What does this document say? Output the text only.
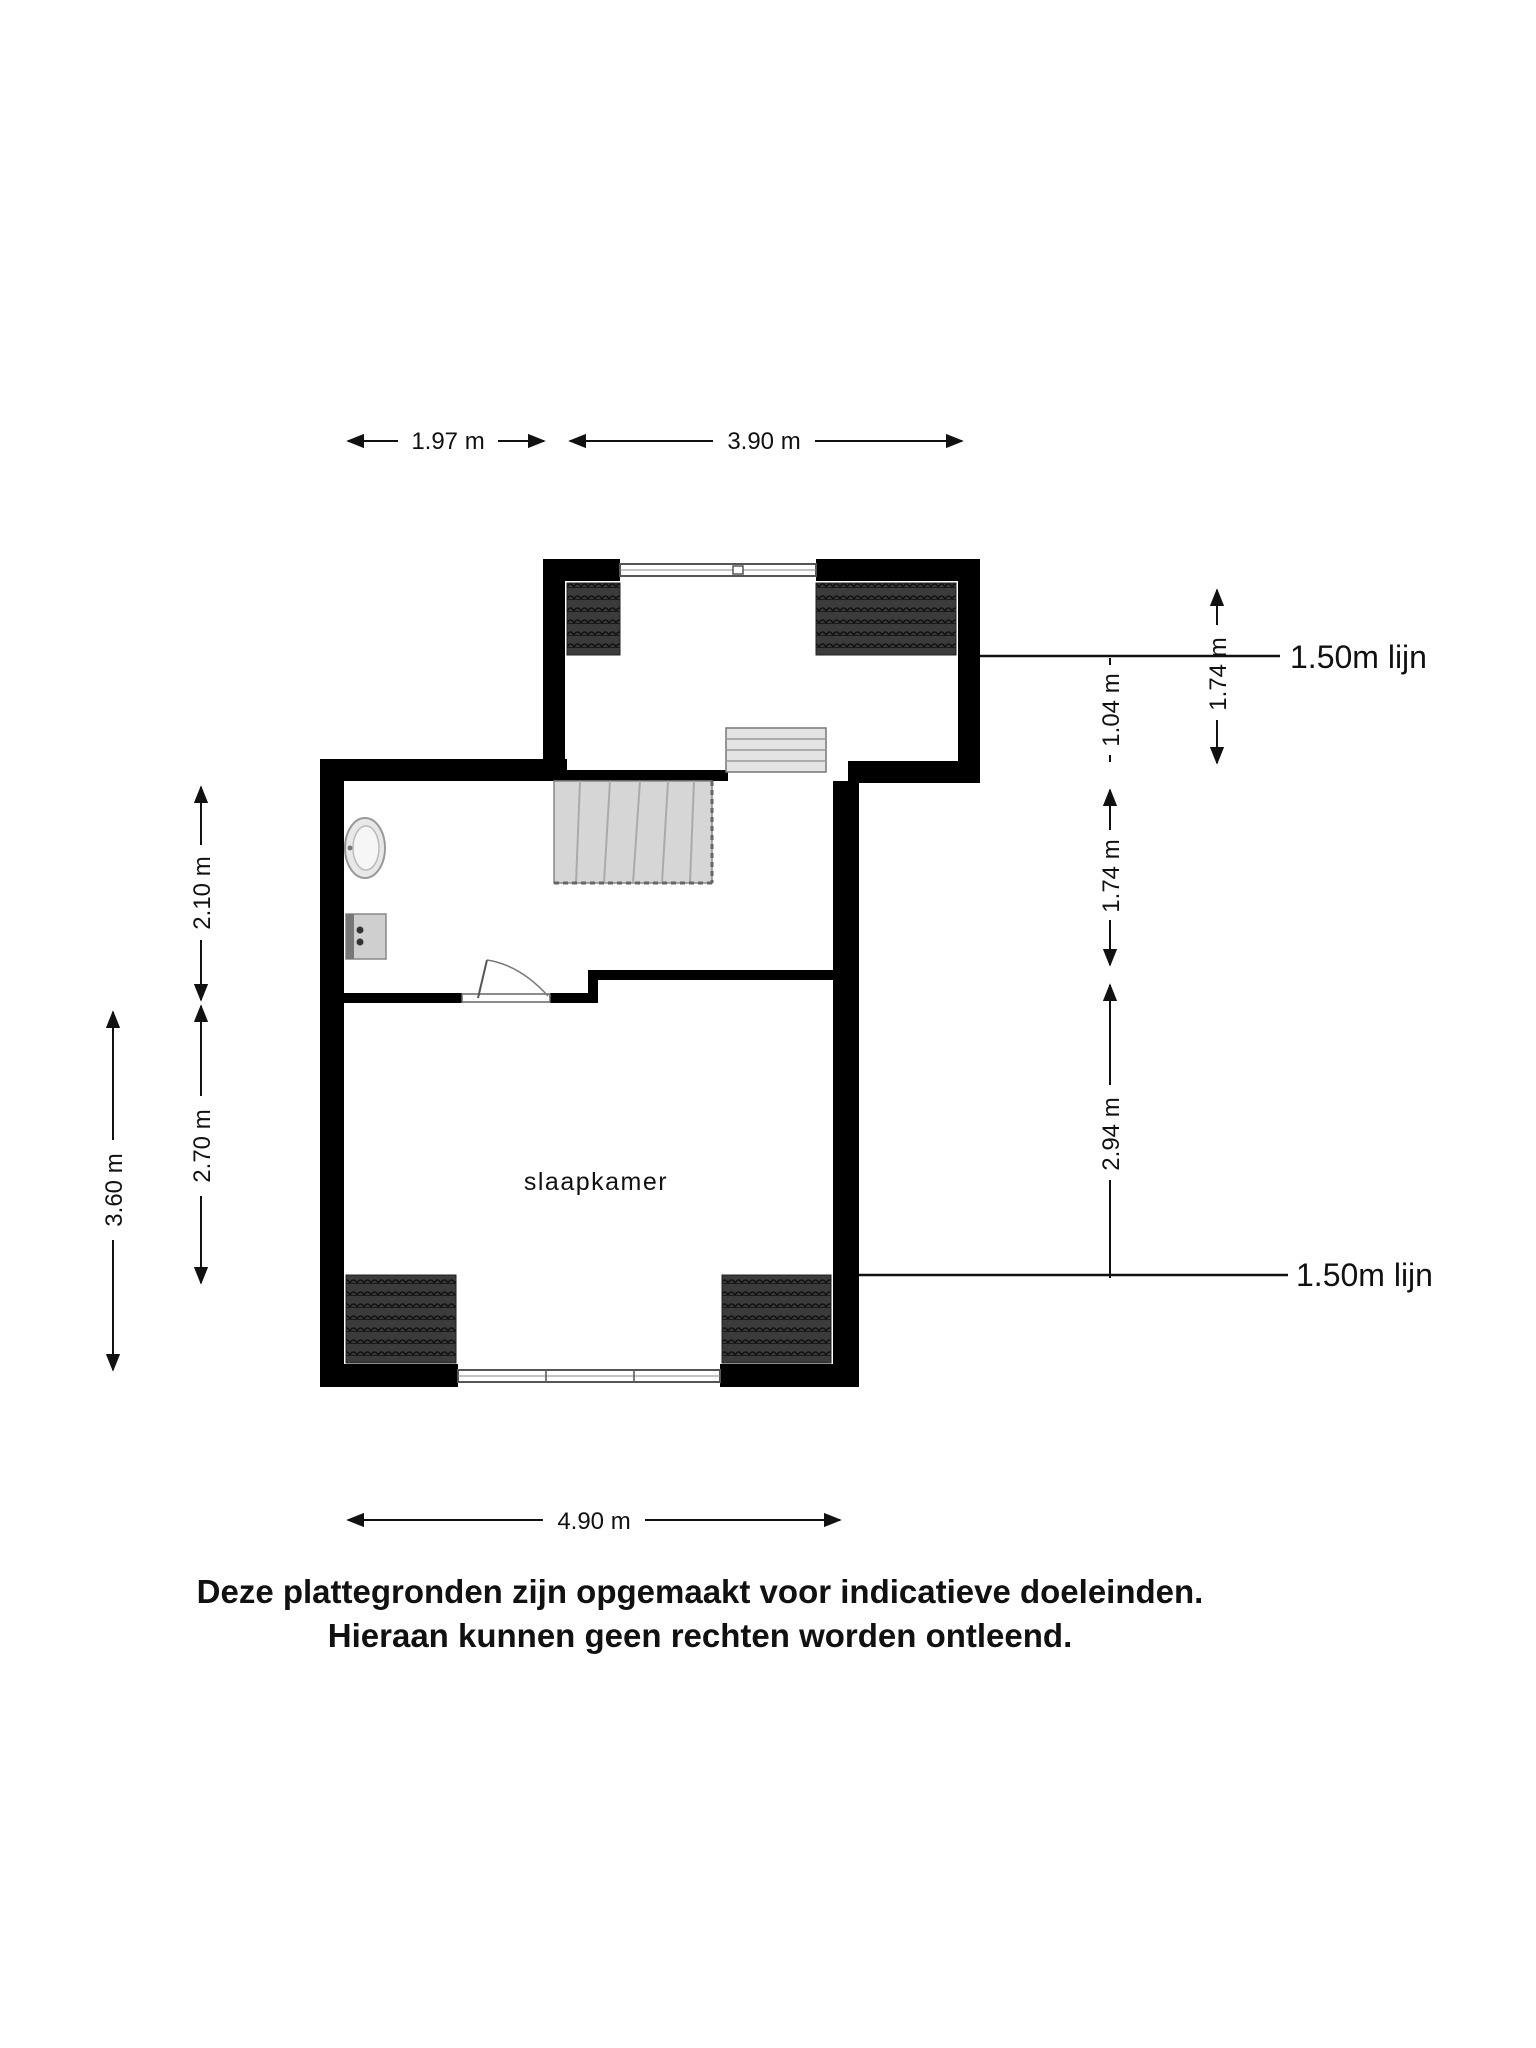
slaapkamer
1.50m lijn
1.50m lijn
1.97 m	3.90 m
4.90 m
3.60 m
2.10 m
2.70 m
1.04 m
1.74 m
1.74 m
2.94 m
Deze plattegronden zijn opgemaakt voor indicatieve doeleinden.
Hieraan kunnen geen rechten worden ontleend.
